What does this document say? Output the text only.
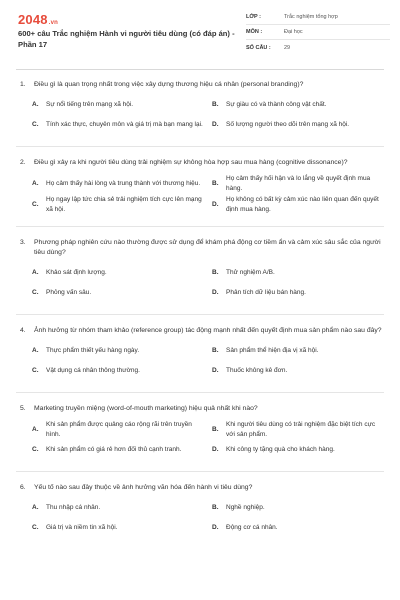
2048.vn
600+ câu Trắc nghiệm Hành vi người tiêu dùng (có đáp án) - Phần 17
LỚP :	Trắc nghiệm tổng hợp
MÔN :	Đại học
SỐ CÂU :	29
1.	Điều gì là quan trọng nhất trong việc xây dựng thương hiệu cá nhân (personal branding)?
A.	Sự nổi tiếng trên mạng xã hội.	B.	Sự giàu có và thành công vật chất.
C.	Tính xác thực, chuyên môn và giá trị mà bạn mang lại. D.	Số lượng người theo dõi trên mạng xã hội.
2.	Điều gì xảy ra khi người tiêu dùng trải nghiệm sự không hòa hợp sau mua hàng (cognitive dissonance)?
A.	Họ cảm thấy hài lòng và trung thành với thương hiệu.	B.
Họ cảm thấy hối hận và lo lắng về quyết định mua hàng.
C.
Họ ngay lập tức chia sẻ trải nghiệm tích cực lên mạng xã hội.
D.
Họ không có bất kỳ cảm xúc nào liên quan đến quyết định mua hàng.
3.	Phương pháp nghiên cứu nào thường được sử dụng để khám phá động cơ tiềm ẩn và cảm xúc sâu sắc của người tiêu dùng?
A.	Khảo sát định lượng.	B.	Thử nghiệm A/B.
C.	Phỏng vấn sâu.	D.	Phân tích dữ liệu bán hàng.
4.	Ảnh hưởng từ nhóm tham khảo (reference group) tác động mạnh nhất đến quyết định mua sản phẩm nào sau đây?
A.	Thực phẩm thiết yếu hàng ngày.	B.	Sản phẩm thể hiện địa vị xã hội.
C.	Vật dụng cá nhân thông thường.	D.	Thuốc không kê đơn.
5.	Marketing truyền miệng (word-of-mouth marketing) hiệu quả nhất khi nào?
A.
Khi sản phẩm được quảng cáo rộng rãi trên truyền hình.
B.
Khi người tiêu dùng có trải nghiệm đặc biệt tích cực với sản phẩm.
C.	Khi sản phẩm có giá rẻ hơn đối thủ cạnh tranh.	D.	Khi công ty tặng quà cho khách hàng.
6.	Yếu tố nào sau đây thuộc về ảnh hưởng văn hóa đến hành vi tiêu dùng?
A.	Thu nhập cá nhân.	B.	Nghề nghiệp.
C.	Giá trị và niềm tin xã hội.	D.	Động cơ cá nhân.
